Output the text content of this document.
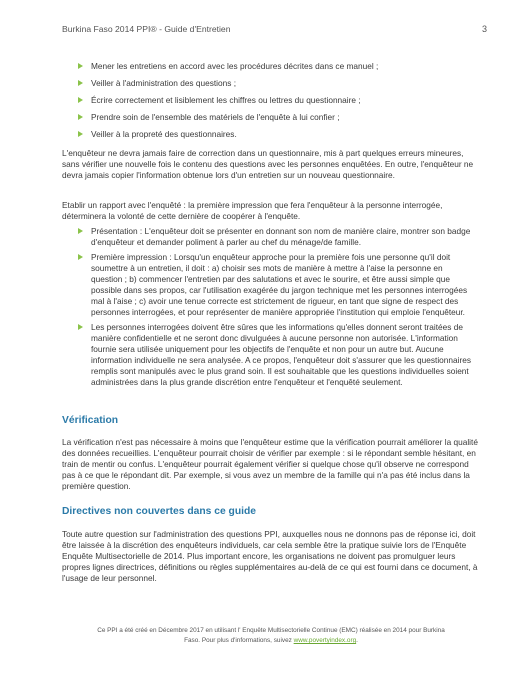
Burkina Faso 2014 PPI® - Guide d'Entretien	3
Mener les entretiens en accord avec les procédures décrites dans ce manuel ;
Veiller à l'administration des questions ;
Écrire correctement et lisiblement les chiffres ou lettres du questionnaire ;
Prendre soin de l'ensemble des matériels de l'enquête à lui confier ;
Veiller à la propreté des questionnaires.

L'enquêteur ne devra jamais faire de correction dans un questionnaire, mis à part quelques erreurs mineures, sans vérifier une nouvelle fois le contenu des questions avec les personnes enquêtées. En outre, l'enquêteur ne devra jamais copier l'information obtenue lors d'un entretien sur un nouveau questionnaire.

Etablir un rapport avec l'enquêté : la première impression que fera l'enquêteur à la personne interrogée, déterminera la volonté de cette dernière de coopérer à l'enquête.

Présentation : L'enquêteur doit se présenter en donnant son nom de manière claire, montrer son badge d'enquêteur et demander poliment à parler au chef du ménage/de famille.
Première impression : Lorsqu'un enquêteur approche pour la première fois une personne qu'il doit soumettre à un entretien, il doit : a) choisir ses mots de manière à mettre à l'aise la personne en question ; b) commencer l'entretien par des salutations et avec le sourire, et être aussi simple que possible dans ses propos, car l'utilisation exagérée du jargon technique met les personnes interrogées mal à l'aise ; c) avoir une tenue correcte est strictement de rigueur, en tant que signe de respect des personnes interrogées, et pour représenter de manière appropriée l'institution qui emploie l'enquêteur.
Les personnes interrogées doivent être sûres que les informations qu'elles donnent seront traitées de manière confidentielle et ne seront donc divulguées à aucune personne non autorisée. L'information fournie sera utilisée uniquement pour les objectifs de l'enquête et non pour un autre but. Aucune information individuelle ne sera analysée. A ce propos, l'enquêteur doit s'assurer que les questionnaires remplis sont manipulés avec le plus grand soin. Il est souhaitable que les questions individuelles soient administrées dans la plus grande discrétion entre l'enquêteur et l'enquêté seulement.
Vérification

La vérification n'est pas nécessaire à moins que l'enquêteur estime que la vérification pourrait améliorer la qualité des données recueillies. L'enquêteur pourrait choisir de vérifier par exemple : si le répondant semble hésitant, en train de mentir ou confus. L'enquêteur pourrait également vérifier si quelque chose qu'il observe ne correspond pas à ce que le répondant dit. Par exemple, si vous avez un membre de la famille qui n'a pas été inclus dans la première question.

Directives non couvertes dans ce guide

Toute autre question sur l'administration des questions PPI, auxquelles nous ne donnons pas de réponse ici, doit être laissée à la discrétion des enquêteurs individuels, car cela semble être la pratique suivie lors de l'Enquête Enquête Multisectorielle de 2014. Plus important encore, les organisations ne doivent pas promulguer leurs propres lignes directrices, définitions ou règles supplémentaires au-delà de ce qui est fourni dans ce document, à l'usage de leur personnel.

Ce PPI a été créé en Décembre 2017 en utilisant l' Enquête Multisectorielle Continue (EMC) réalisée en 2014 pour Burkina
Faso. Pour plus d'informations, suivez www.povertyindex.org.
